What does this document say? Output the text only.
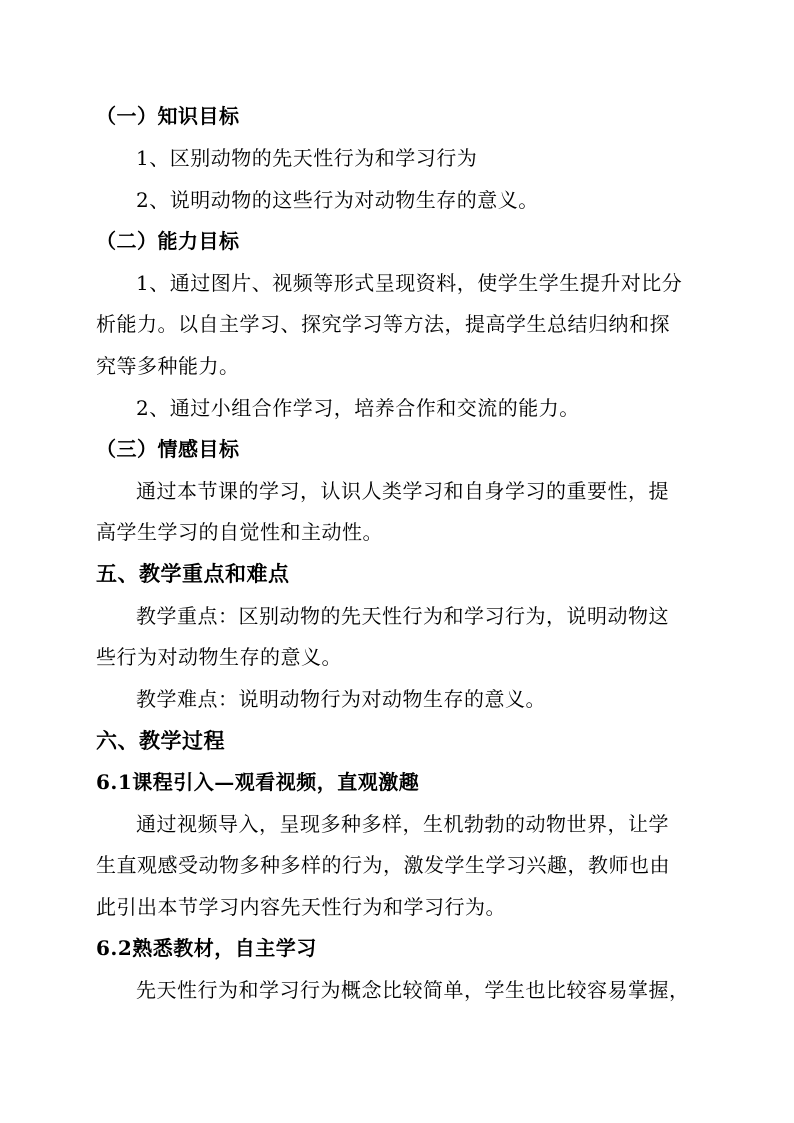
（一）知识目标
1、区别动物的先天性行为和学习行为
2、说明动物的这些行为对动物生存的意义。
（二）能力目标
1、通过图片、视频等形式呈现资料，使学生学生提升对比分
析能力。以自主学习、探究学习等方法，提高学生总结归纳和探
究等多种能力。
2、通过小组合作学习，培养合作和交流的能力。
（三）情感目标
通过本节课的学习，认识人类学习和自身学习的重要性，提
高学生学习的自觉性和主动性。
五、教学重点和难点
教学重点：区别动物的先天性行为和学习行为，说明动物这
些行为对动物生存的意义。
教学难点：说明动物行为对动物生存的意义。
六、教学过程
6.1课程引入—观看视频，直观激趣
通过视频导入，呈现多种多样，生机勃勃的动物世界，让学
生直观感受动物多种多样的行为，激发学生学习兴趣，教师也由
此引出本节学习内容先天性行为和学习行为。
6.2熟悉教材，自主学习
先天性行为和学习行为概念比较简单，学生也比较容易掌握，
